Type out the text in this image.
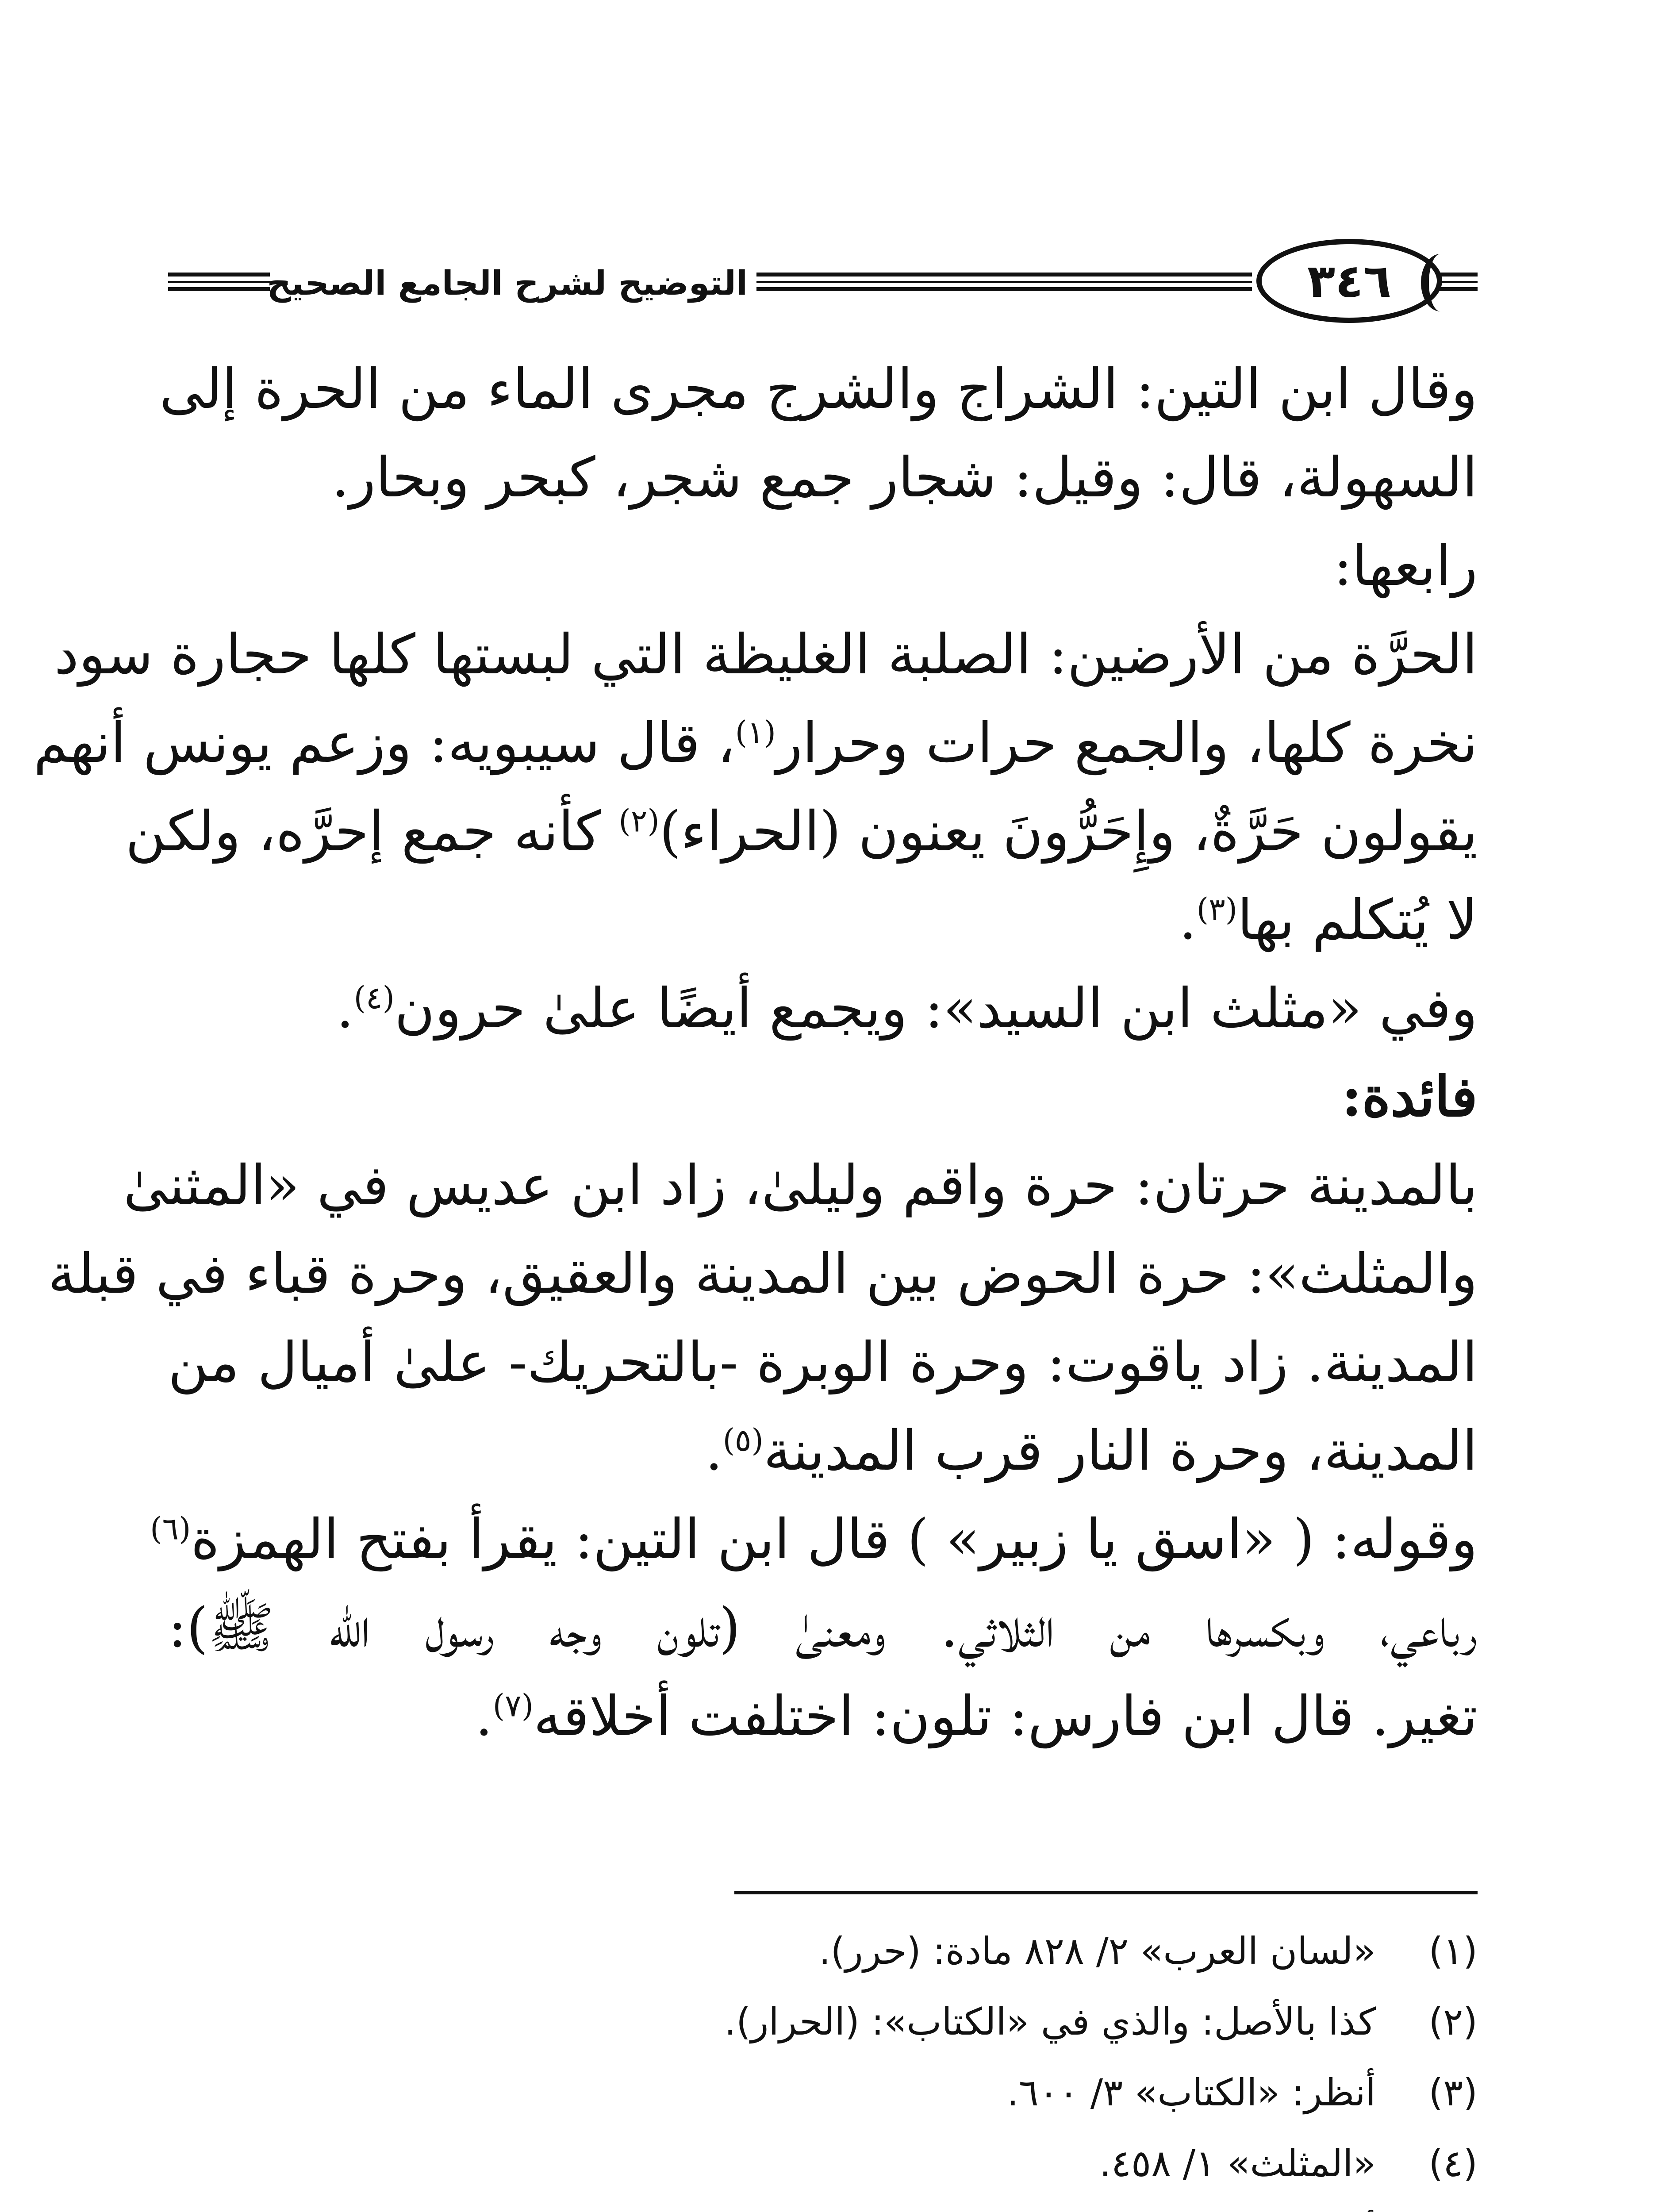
التوضيح لشرح الجامع الصحيح	٣٤٦
وقال ابن التين: الشراج والشرج مجرى الماء من الحرة إلى
السهولة، قال: وقيل: شجار جمع شجر، كبحر وبحار.
رابعها:
الحرَّة من الأرضين: الصلبة الغليظة التي لبستها كلها حجارة سود
نخرة كلها، والجمع حرات وحرار$^{(١)}$، قال سيبويه: وزعم يونس أنهم
يقولون حَرَّةٌ، وإِحَرُّونَ يعنون (الحراء)$^{(٢)}$ كأنه جمع إحرَّه، ولكن
لا يُتكلم بها$^{(٣)}$.
وفي «مثلث ابن السيد»: ويجمع أيضًا علىٰ حرون$^{(٤)}$.
فائدة:
بالمدينة حرتان: حرة واقم وليلىٰ، زاد ابن عديس في «المثنىٰ
والمثلث»: حرة الحوض بين المدينة والعقيق، وحرة قباء في قبلة
المدينة. زاد ياقوت: وحرة الوبرة -بالتحريك- علىٰ أميال من
المدينة، وحرة النار قرب المدينة$^{(٥)}$.
وقوله: ( «اسق يا زبير» ) قال ابن التين: يقرأ بفتح الهمزة$^{(٦)}$
رباعي، وبكسرها من الثلاثي. ومعنىٰ (تلون وجه رسول الله ﷺ):
تغير. قال ابن فارس: تلون: اختلفت أخلاقه$^{(٧)}$.
(١)«لسان العرب» ٢/ ٨٢٨ مادة: (حرر).
(٢)كذا بالأصل: والذي في «الكتاب»: (الحرار).
(٣)أنظر: «الكتاب» ٣/ ٦٠٠.
(٤)«المثلث» ١/ ٤٥٨.
